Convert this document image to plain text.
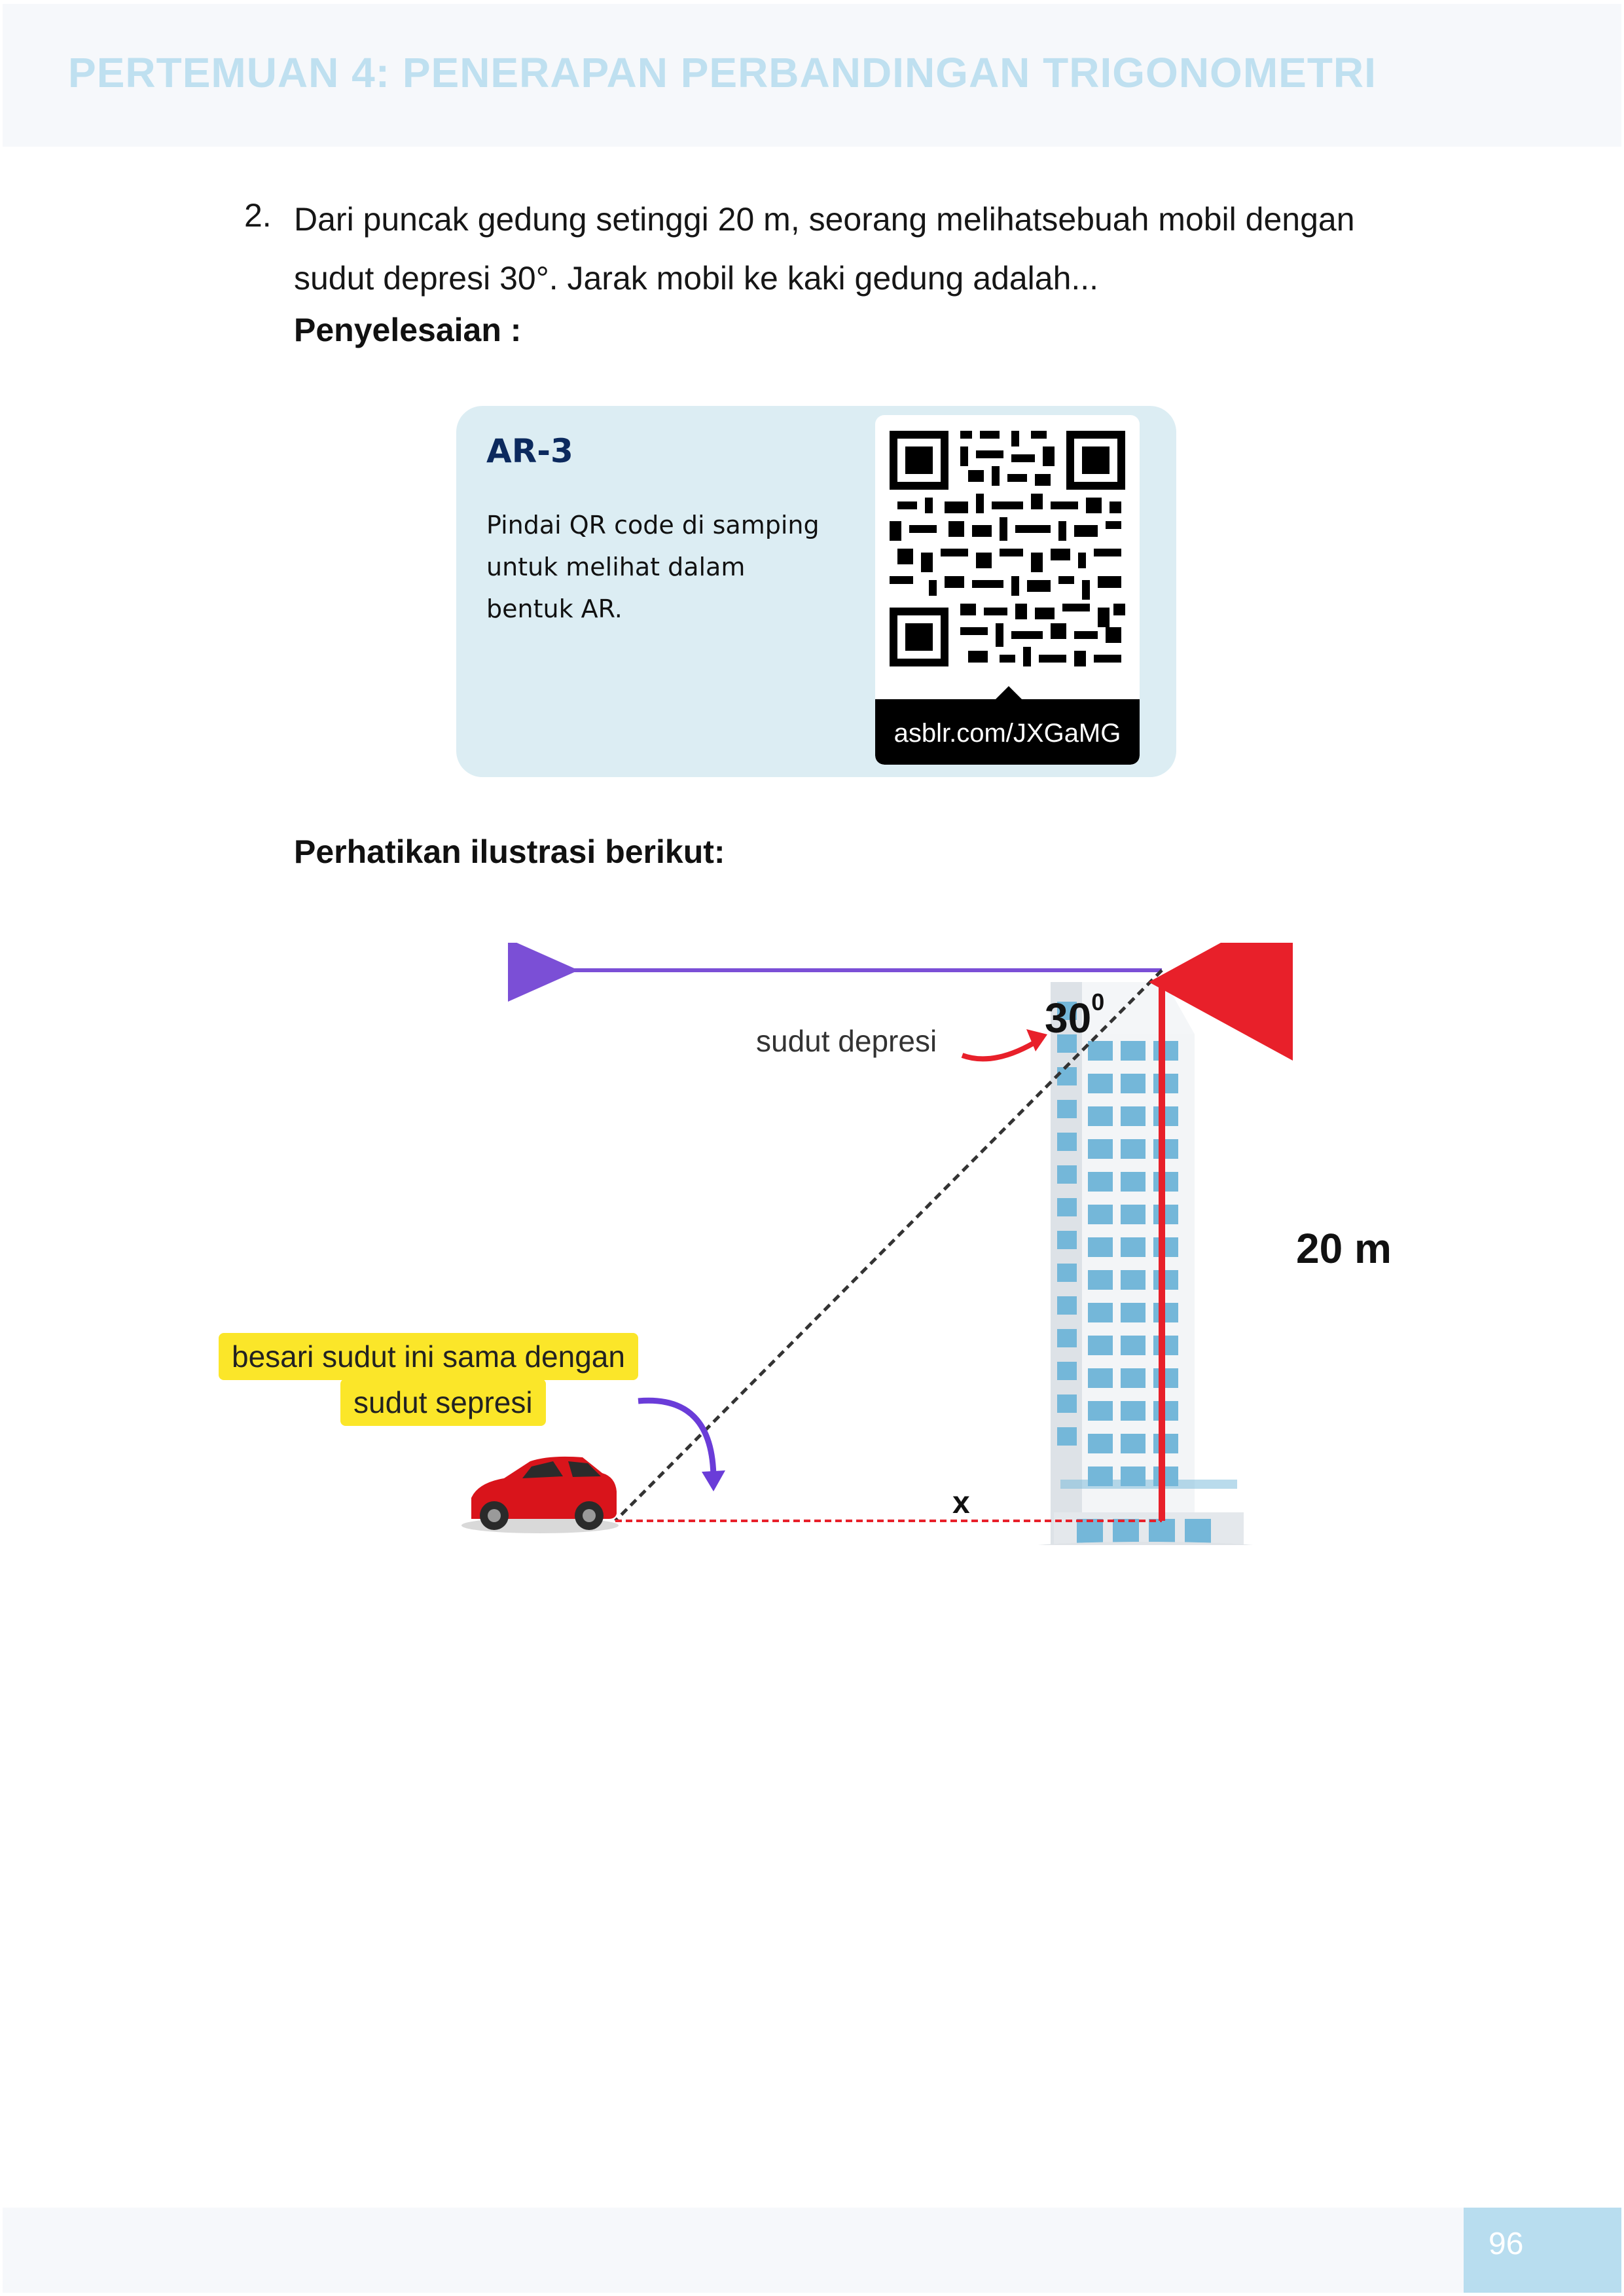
PERTEMUAN 4: PENERAPAN PERBANDINGAN TRIGONOMETRI
2. Dari puncak gedung setinggi 20 m, seorang melihatsebuah mobil dengan sudut depresi 30°. Jarak mobil ke kaki gedung adalah...
Penyelesaian :
AR-3
Pindai QR code di samping untuk melihat dalam bentuk AR.
asblr.com/JXGaMG
Perhatikan ilustrasi berikut:
sudut depresi	$30^0$
20 m
x
besari sudut ini sama dengan
sudut sepresi
96
